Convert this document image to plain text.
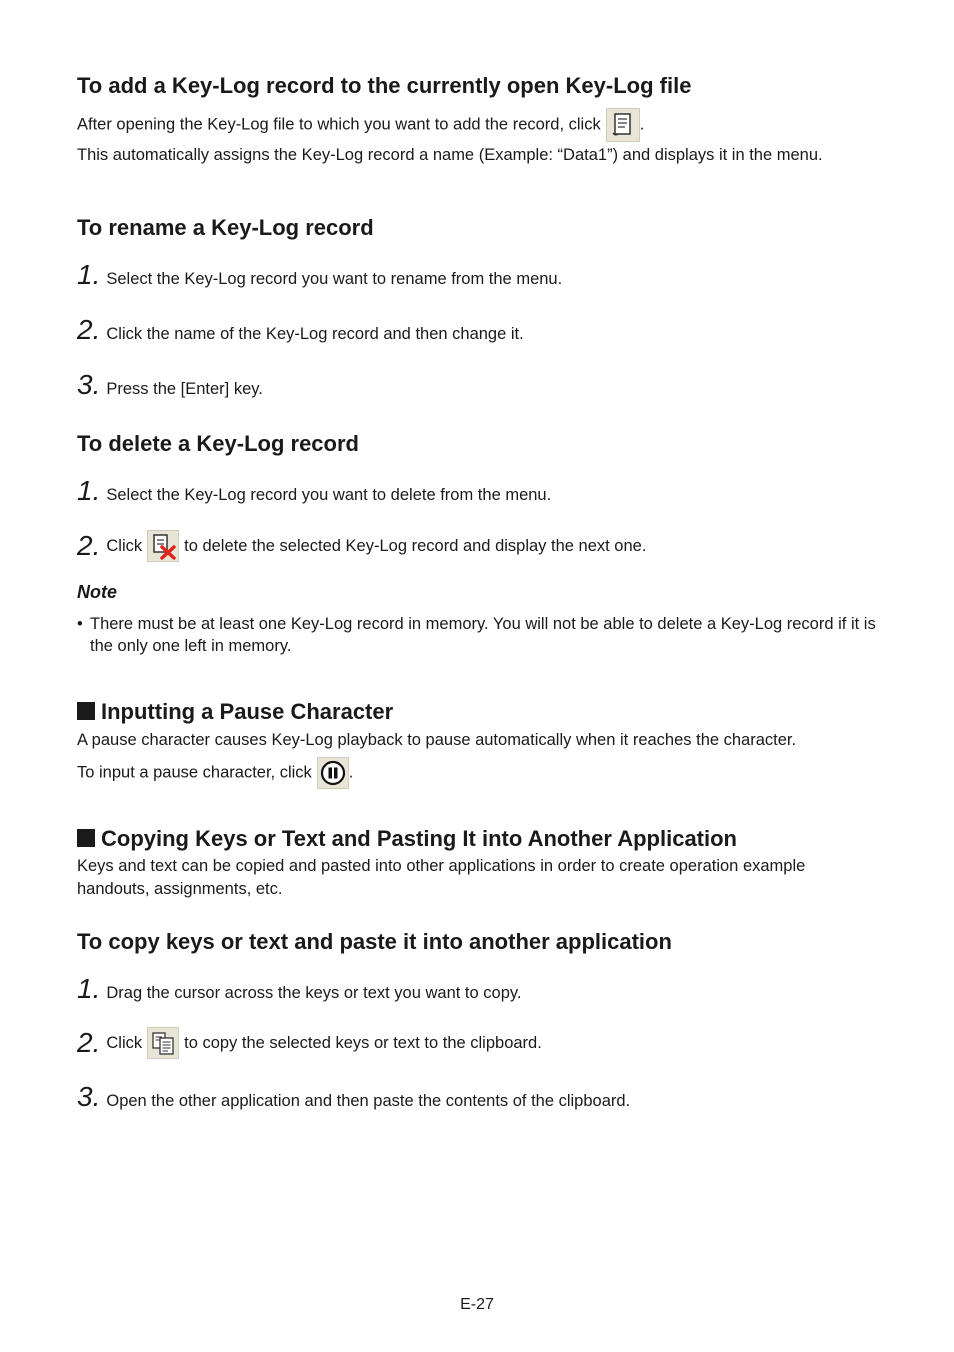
To add a Key-Log record to the currently open Key-Log file
After opening the Key-Log file to which you want to add the record, click .
This automatically assigns the Key-Log record a name (Example: “Data1”) and displays it in the menu.
To rename a Key-Log record
1. Select the Key-Log record you want to rename from the menu.
2. Click the name of the Key-Log record and then change it.
3. Press the [Enter] key.
To delete a Key-Log record
1. Select the Key-Log record you want to delete from the menu.
2. Click	to delete the selected Key-Log record and display the next one.
Note
• There must be at least one Key-Log record in memory. You will not be able to delete a Key-Log record if it is the only one left in memory.
Inputting a Pause Character
A pause character causes Key-Log playback to pause automatically when it reaches the character.
To input a pause character, click .
Copying Keys or Text and Pasting It into Another Application
Keys and text can be copied and pasted into other applications in order to create operation example handouts, assignments, etc.
To copy keys or text and paste it into another application
1. Drag the cursor across the keys or text you want to copy.
2. Click	to copy the selected keys or text to the clipboard.
3. Open the other application and then paste the contents of the clipboard.
E-27
